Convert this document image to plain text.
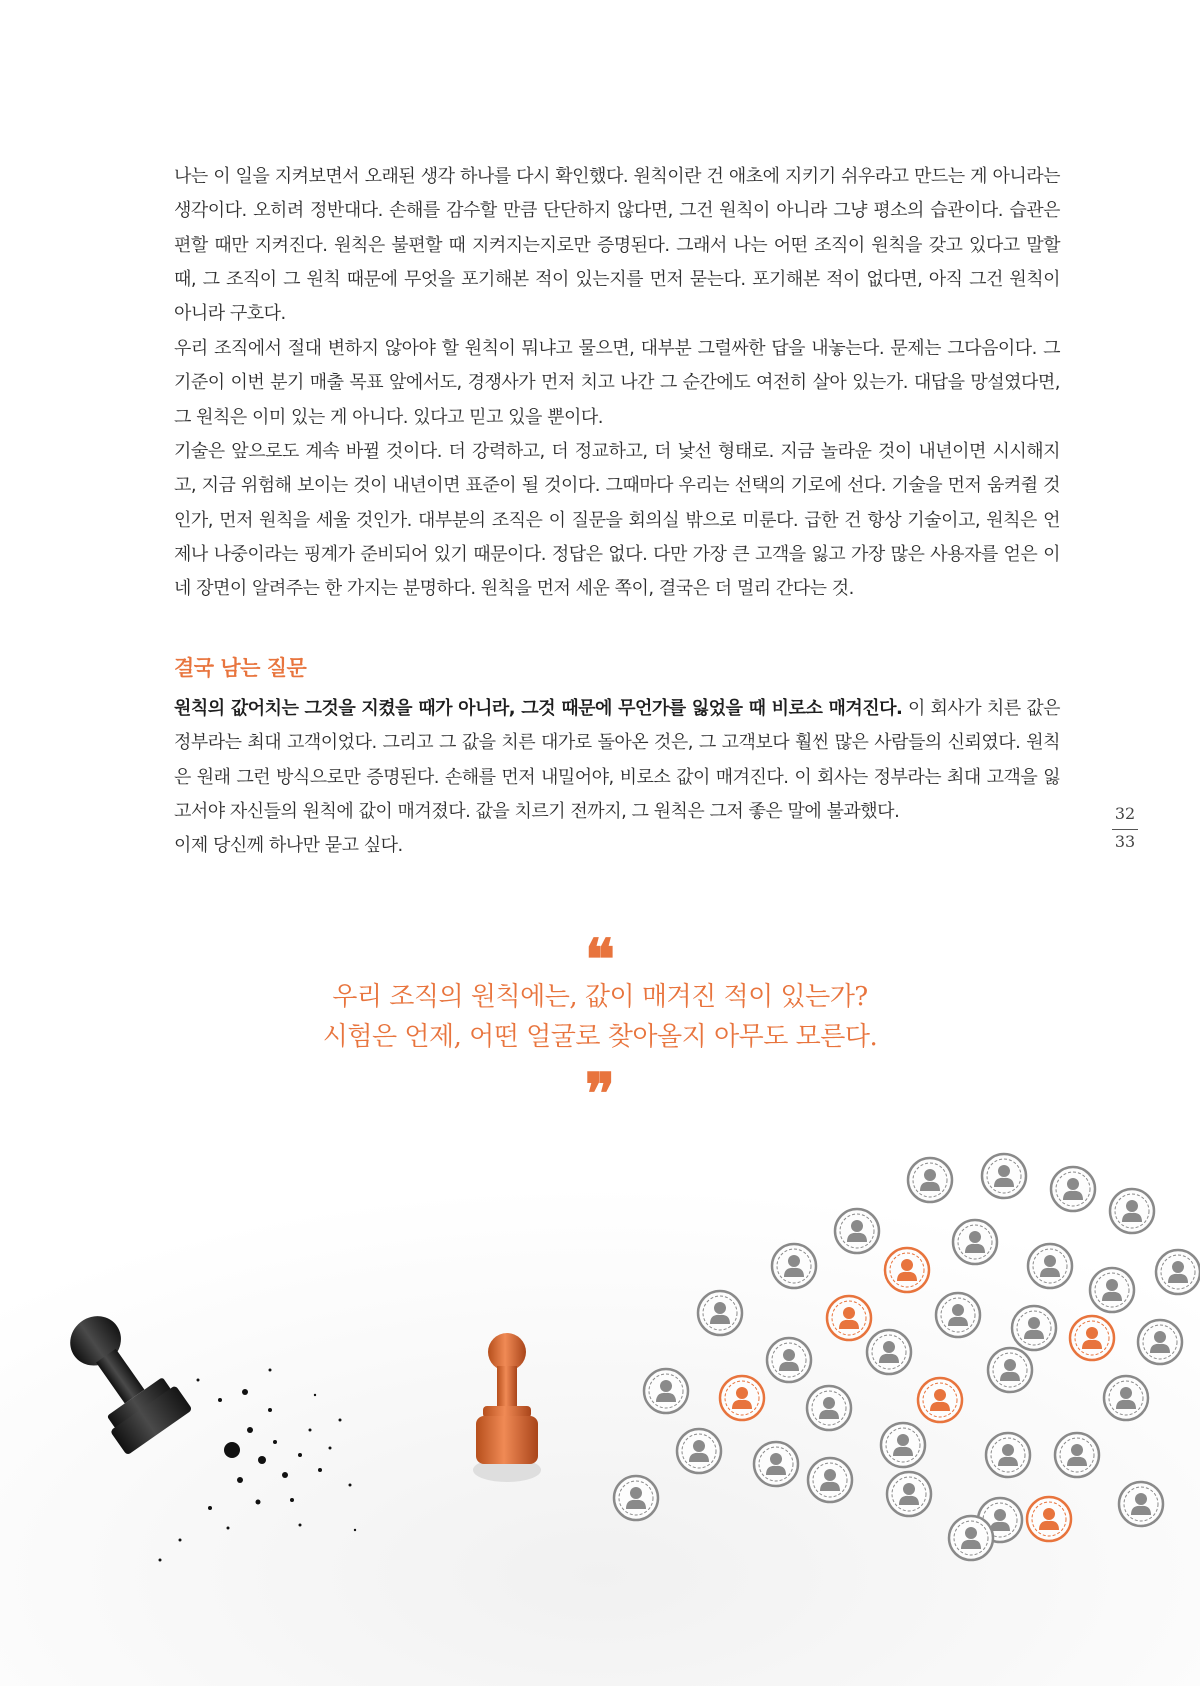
나는 이 일을 지켜보면서 오래된 생각 하나를 다시 확인했다. 원칙이란 건 애초에 지키기 쉬우라고 만드는 게 아니라는 생각이다. 오히려 정반대다. 손해를 감수할 만큼 단단하지 않다면, 그건 원칙이 아니라 그냥 평소의 습관이다. 습관은 편할 때만 지켜진다. 원칙은 불편할 때 지켜지는지로만 증명된다. 그래서 나는 어떤 조직이 원칙을 갖고 있다고 말할 때, 그 조직이 그 원칙 때문에 무엇을 포기해본 적이 있는지를 먼저 묻는다. 포기해본 적이 없다면, 아직 그건 원칙이 아니라 구호다.

우리 조직에서 절대 변하지 않아야 할 원칙이 뭐냐고 물으면, 대부분 그럴싸한 답을 내놓는다. 문제는 그다음이다. 그 기준이 이번 분기 매출 목표 앞에서도, 경쟁사가 먼저 치고 나간 그 순간에도 여전히 살아 있는가. 대답을 망설였다면, 그 원칙은 이미 있는 게 아니다. 있다고 믿고 있을 뿐이다.

기술은 앞으로도 계속 바뀔 것이다. 더 강력하고, 더 정교하고, 더 낯선 형태로. 지금 놀라운 것이 내년이면 시시해지고, 지금 위험해 보이는 것이 내년이면 표준이 될 것이다. 그때마다 우리는 선택의 기로에 선다. 기술을 먼저 움켜쥘 것인가, 먼저 원칙을 세울 것인가. 대부분의 조직은 이 질문을 회의실 밖으로 미룬다. 급한 건 항상 기술이고, 원칙은 언제나 나중이라는 핑계가 준비되어 있기 때문이다. 정답은 없다. 다만 가장 큰 고객을 잃고 가장 많은 사용자를 얻은 이 네 장면이 알려주는 한 가지는 분명하다. 원칙을 먼저 세운 쪽이, 결국은 더 멀리 간다는 것.

결국 남는 질문

원칙의 값어치는 그것을 지켰을 때가 아니라, 그것 때문에 무언가를 잃었을 때 비로소 매겨진다. 이 회사가 치른 값은 정부라는 최대 고객이었다. 그리고 그 값을 치른 대가로 돌아온 것은, 그 고객보다 훨씬 많은 사람들의 신뢰였다. 원칙은 원래 그런 방식으로만 증명된다. 손해를 먼저 내밀어야, 비로소 값이 매겨진다. 이 회사는 정부라는 최대 고객을 잃고서야 자신들의 원칙에 값이 매겨졌다. 값을 치르기 전까지, 그 원칙은 그저 좋은 말에 불과했다.

이제 당신께 하나만 묻고 싶다.

32
33
❝
우리 조직의 원칙에는, 값이 매겨진 적이 있는가?
시험은 언제, 어떤 얼굴로 찾아올지 아무도 모른다.
❞
